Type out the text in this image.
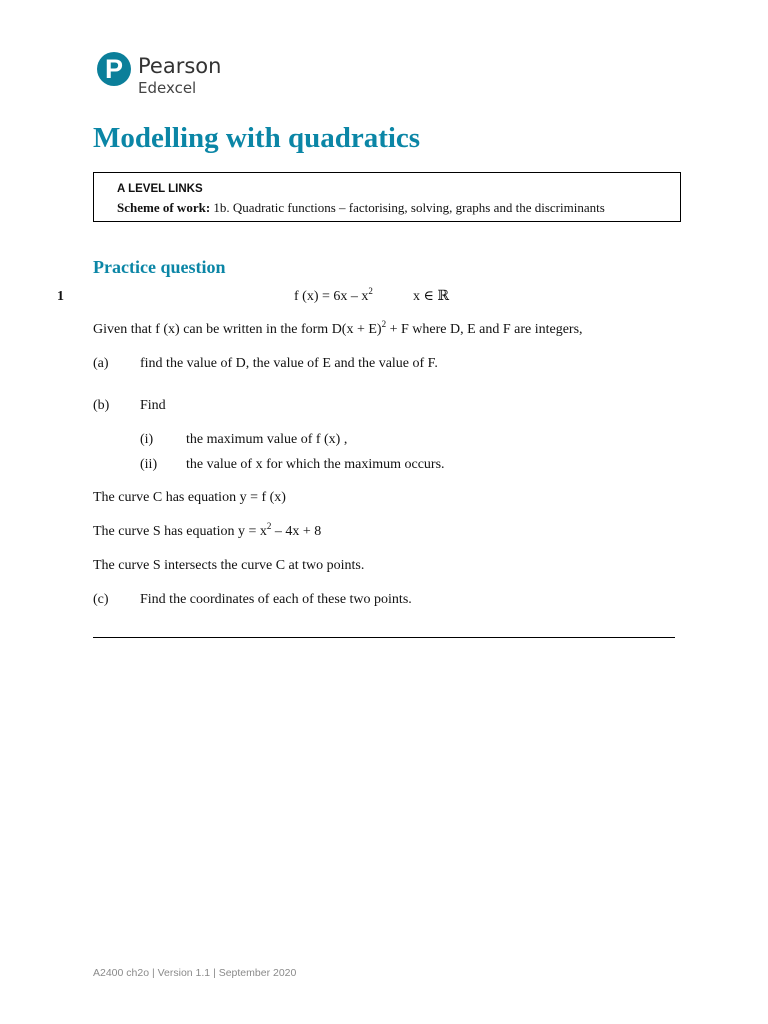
P Pearson
Edexcel
Modelling with quadratics
A LEVEL LINKS
Scheme of work: 1b. Quadratic functions – factorising, solving, graphs and the discriminants
Practice question
1	f $(x) = 6x - x^2$	x ∈ ℝ
Given that f (x) can be written in the form $D(x + E)^2 + F$ where D, E and F are integers,
(a) find the value of D, the value of E and the value of F.
(b) Find
(i) the maximum value of f (x) ,
(ii) the value of x for which the maximum occurs.
The curve C has equation y = f (x)
The curve S has equation $y = x^2 - 4x + 8$
The curve S intersects the curve C at two points.
(c) Find the coordinates of each of these two points.
A2400 ch2o | Version 1.1 | September 2020
